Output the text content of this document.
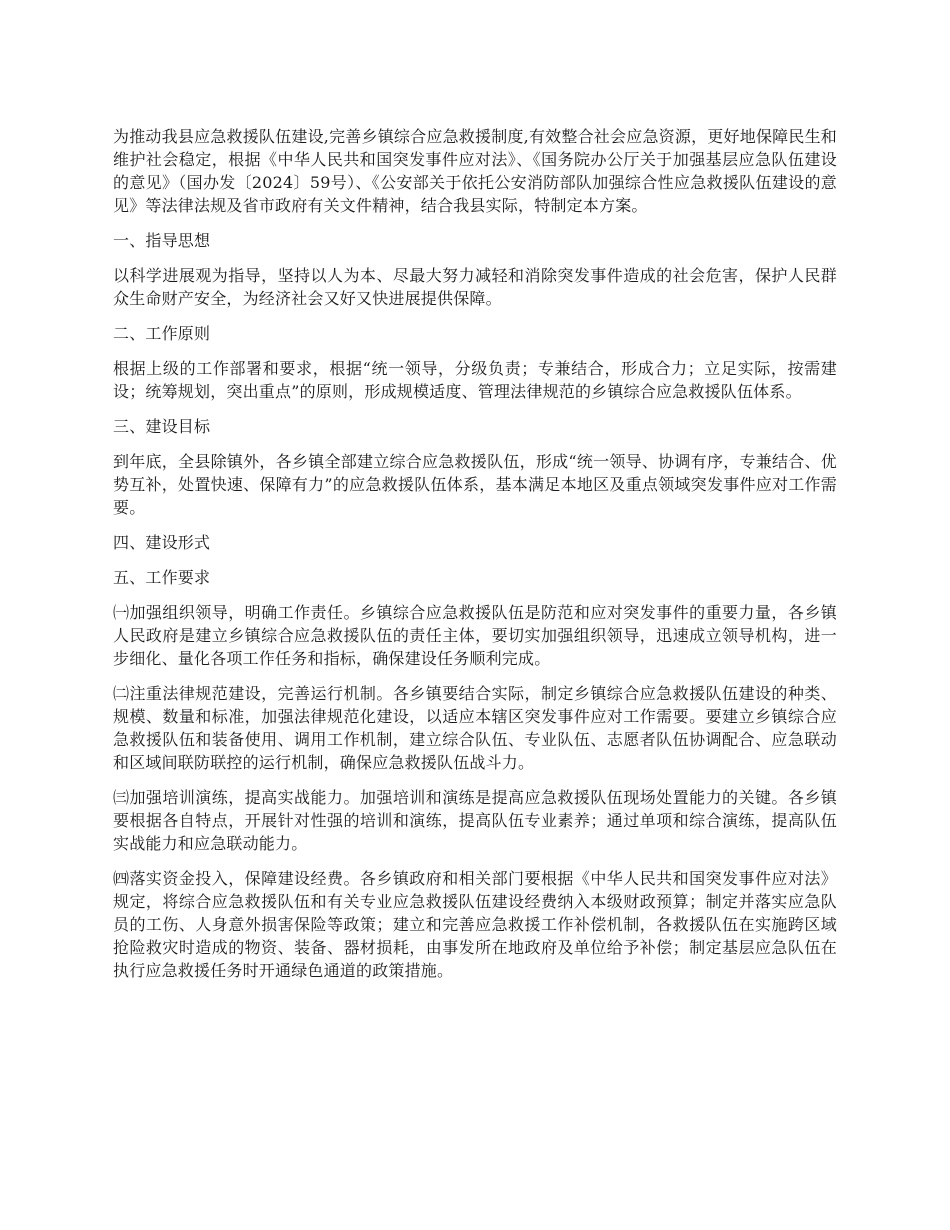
为推动我县应急救援队伍建设,完善乡镇综合应急救援制度,有效整合社会应急资源，更好地保障民生和维护社会稳定，根据《中华人民共和国突发事件应对法》、《国务院办公厅关于加强基层应急队伍建设的意见》（国办发〔2024〕59号）、《公安部关于依托公安消防部队加强综合性应急救援队伍建设的意见》等法律法规及省市政府有关文件精神，结合我县实际，特制定本方案。

一、指导思想

以科学进展观为指导，坚持以人为本、尽最大努力减轻和消除突发事件造成的社会危害，保护人民群众生命财产安全，为经济社会又好又快进展提供保障。

二、工作原则

根据上级的工作部署和要求，根据“统一领导，分级负责；专兼结合，形成合力；立足实际，按需建设；统筹规划，突出重点”的原则，形成规模适度、管理法律规范的乡镇综合应急救援队伍体系。

三、建设目标

到年底，全县除镇外，各乡镇全部建立综合应急救援队伍，形成“统一领导、协调有序，专兼结合、优势互补，处置快速、保障有力”的应急救援队伍体系，基本满足本地区及重点领域突发事件应对工作需要。

四、建设形式

五、工作要求

㈠加强组织领导，明确工作责任。乡镇综合应急救援队伍是防范和应对突发事件的重要力量，各乡镇人民政府是建立乡镇综合应急救援队伍的责任主体，要切实加强组织领导，迅速成立领导机构，进一步细化、量化各项工作任务和指标，确保建设任务顺利完成。

㈡注重法律规范建设，完善运行机制。各乡镇要结合实际，制定乡镇综合应急救援队伍建设的种类、规模、数量和标准，加强法律规范化建设，以适应本辖区突发事件应对工作需要。要建立乡镇综合应急救援队伍和装备使用、调用工作机制，建立综合队伍、专业队伍、志愿者队伍协调配合、应急联动和区域间联防联控的运行机制，确保应急救援队伍战斗力。

㈢加强培训演练，提高实战能力。加强培训和演练是提高应急救援队伍现场处置能力的关键。各乡镇要根据各自特点，开展针对性强的培训和演练，提高队伍专业素养；通过单项和综合演练，提高队伍实战能力和应急联动能力。

㈣落实资金投入，保障建设经费。各乡镇政府和相关部门要根据《中华人民共和国突发事件应对法》规定，将综合应急救援队伍和有关专业应急救援队伍建设经费纳入本级财政预算；制定并落实应急队员的工伤、人身意外损害保险等政策；建立和完善应急救援工作补偿机制，各救援队伍在实施跨区域抢险救灾时造成的物资、装备、器材损耗，由事发所在地政府及单位给予补偿；制定基层应急队伍在执行应急救援任务时开通绿色通道的政策措施。
